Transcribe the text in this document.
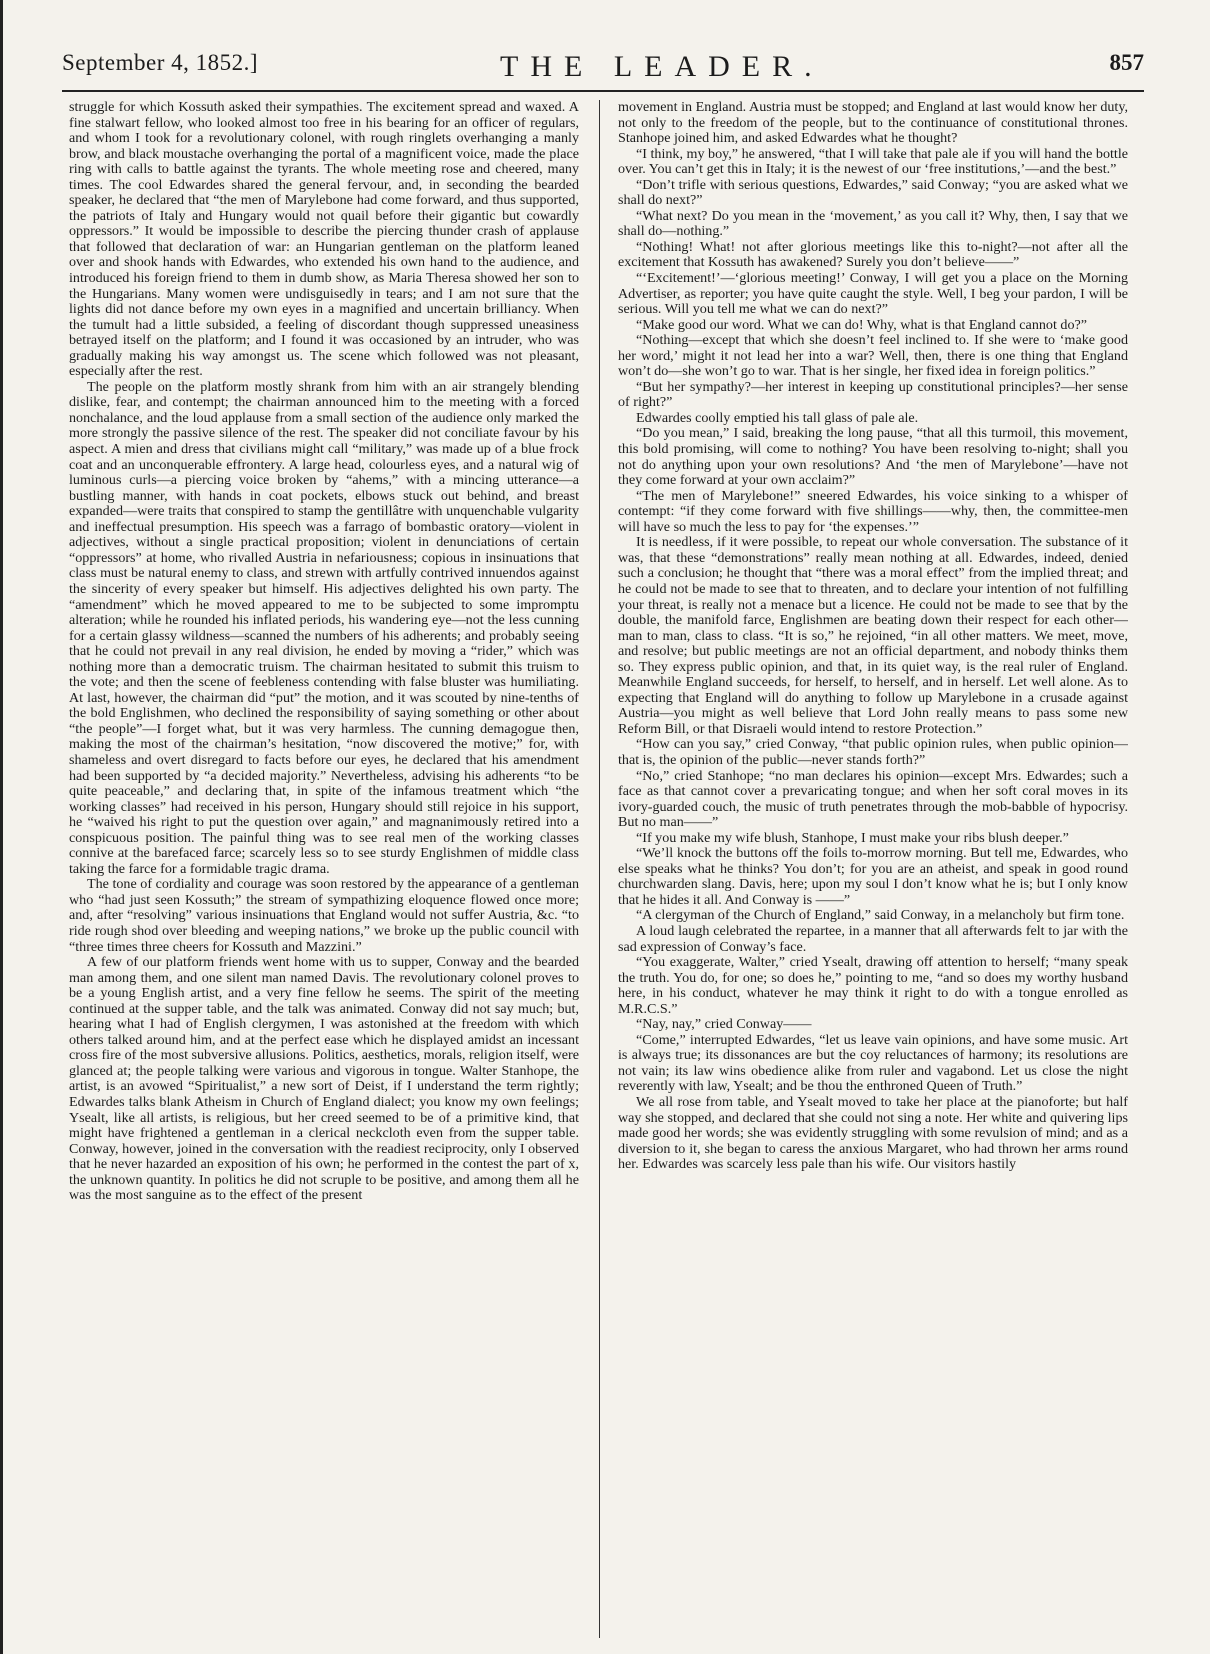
September 4, 1852.]	THE LEADER.	857

struggle for which Kossuth asked their sympathies. The excitement spread and waxed. A fine stalwart fellow, who looked almost too free in his bearing for an officer of regulars, and whom I took for a revolutionary colonel, with rough ringlets overhanging a manly brow, and black moustache overhanging the portal of a magnificent voice, made the place ring with calls to battle against the tyrants. The whole meeting rose and cheered, many times. The cool Edwardes shared the general fervour, and, in seconding the bearded speaker, he declared that “the men of Marylebone had come forward, and thus supported, the patriots of Italy and Hungary would not quail before their gigantic but cowardly oppressors.” It would be impossible to describe the piercing thunder crash of applause that followed that declaration of war: an Hungarian gentleman on the platform leaned over and shook hands with Edwardes, who extended his own hand to the audience, and introduced his foreign friend to them in dumb show, as Maria Theresa showed her son to the Hungarians. Many women were undisguisedly in tears; and I am not sure that the lights did not dance before my own eyes in a magnified and uncertain brilliancy. When the tumult had a little subsided, a feeling of discordant though suppressed uneasiness betrayed itself on the platform; and I found it was occasioned by an intruder, who was gradually making his way amongst us. The scene which followed was not pleasant, especially after the rest.

The people on the platform mostly shrank from him with an air strangely blending dislike, fear, and contempt; the chairman announced him to the meeting with a forced nonchalance, and the loud applause from a small section of the audience only marked the more strongly the passive silence of the rest. The speaker did not conciliate favour by his aspect. A mien and dress that civilians might call “military,” was made up of a blue frock coat and an unconquerable effrontery. A large head, colourless eyes, and a natural wig of luminous curls—a piercing voice broken by “ahems,” with a mincing utterance—a bustling manner, with hands in coat pockets, elbows stuck out behind, and breast expanded—were traits that conspired to stamp the gentillâtre with unquenchable vulgarity and ineffectual presumption. His speech was a farrago of bombastic oratory—violent in adjectives, without a single practical proposition; violent in denunciations of certain “oppressors” at home, who rivalled Austria in nefariousness; copious in insinuations that class must be natural enemy to class, and strewn with artfully contrived innuendos against the sincerity of every speaker but himself. His adjectives delighted his own party. The “amendment” which he moved appeared to me to be subjected to some impromptu alteration; while he rounded his inflated periods, his wandering eye—not the less cunning for a certain glassy wildness—scanned the numbers of his adherents; and probably seeing that he could not prevail in any real division, he ended by moving a “rider,” which was nothing more than a democratic truism. The chairman hesitated to submit this truism to the vote; and then the scene of feebleness contending with false bluster was humiliating. At last, however, the chairman did “put” the motion, and it was scouted by nine-tenths of the bold Englishmen, who declined the responsibility of saying something or other about “the people”—I forget what, but it was very harmless. The cunning demagogue then, making the most of the chairman’s hesitation, “now discovered the motive;” for, with shameless and overt disregard to facts before our eyes, he declared that his amendment had been supported by “a decided majority.” Nevertheless, advising his adherents “to be quite peaceable,” and declaring that, in spite of the infamous treatment which “the working classes” had received in his person, Hungary should still rejoice in his support, he “waived his right to put the question over again,” and magnanimously retired into a conspicuous position. The painful thing was to see real men of the working classes connive at the barefaced farce; scarcely less so to see sturdy Englishmen of middle class taking the farce for a formidable tragic drama.

The tone of cordiality and courage was soon restored by the appearance of a gentleman who “had just seen Kossuth;” the stream of sympathizing eloquence flowed once more; and, after “resolving” various insinuations that England would not suffer Austria, &c. “to ride rough shod over bleeding and weeping nations,” we broke up the public council with “three times three cheers for Kossuth and Mazzini.”

A few of our platform friends went home with us to supper, Conway and the bearded man among them, and one silent man named Davis. The revolutionary colonel proves to be a young English artist, and a very fine fellow he seems. The spirit of the meeting continued at the supper table, and the talk was animated. Conway did not say much; but, hearing what I had of English clergymen, I was astonished at the freedom with which others talked around him, and at the perfect ease which he displayed amidst an incessant cross fire of the most subversive allusions. Politics, aesthetics, morals, religion itself, were glanced at; the people talking were various and vigorous in tongue. Walter Stanhope, the artist, is an avowed “Spiritualist,” a new sort of Deist, if I understand the term rightly; Edwardes talks blank Atheism in Church of England dialect; you know my own feelings; Ysealt, like all artists, is religious, but her creed seemed to be of a primitive kind, that might have frightened a gentleman in a clerical neckcloth even from the supper table. Conway, however, joined in the conversation with the readiest reciprocity, only I observed that he never hazarded an exposition of his own; he performed in the contest the part of x, the unknown quantity. In politics he did not scruple to be positive, and among them all he was the most sanguine as to the effect of the present

movement in England. Austria must be stopped; and England at last would know her duty, not only to the freedom of the people, but to the continuance of constitutional thrones. Stanhope joined him, and asked Edwardes what he thought?

“I think, my boy,” he answered, “that I will take that pale ale if you will hand the bottle over. You can’t get this in Italy; it is the newest of our ‘free institutions,’—and the best.”

“Don’t trifle with serious questions, Edwardes,” said Conway; “you are asked what we shall do next?”

“What next? Do you mean in the ‘movement,’ as you call it? Why, then, I say that we shall do—nothing.”

“Nothing! What! not after glorious meetings like this to-night?—not after all the excitement that Kossuth has awakened? Surely you don’t believe——”

“‘Excitement!’—‘glorious meeting!’ Conway, I will get you a place on the Morning Advertiser, as reporter; you have quite caught the style. Well, I beg your pardon, I will be serious. Will you tell me what we can do next?”

“Make good our word. What we can do! Why, what is that England cannot do?”

“Nothing—except that which she doesn’t feel inclined to. If she were to ‘make good her word,’ might it not lead her into a war? Well, then, there is one thing that England won’t do—she won’t go to war. That is her single, her fixed idea in foreign politics.”

“But her sympathy?—her interest in keeping up constitutional principles?—her sense of right?”

Edwardes coolly emptied his tall glass of pale ale.

“Do you mean,” I said, breaking the long pause, “that all this turmoil, this movement, this bold promising, will come to nothing? You have been resolving to-night; shall you not do anything upon your own resolutions? And ‘the men of Marylebone’—have not they come forward at your own acclaim?”

“The men of Marylebone!” sneered Edwardes, his voice sinking to a whisper of contempt: “if they come forward with five shillings——why, then, the committee-men will have so much the less to pay for ‘the expenses.’”

It is needless, if it were possible, to repeat our whole conversation. The substance of it was, that these “demonstrations” really mean nothing at all. Edwardes, indeed, denied such a conclusion; he thought that “there was a moral effect” from the implied threat; and he could not be made to see that to threaten, and to declare your intention of not fulfilling your threat, is really not a menace but a licence. He could not be made to see that by the double, the manifold farce, Englishmen are beating down their respect for each other—man to man, class to class. “It is so,” he rejoined, “in all other matters. We meet, move, and resolve; but public meetings are not an official department, and nobody thinks them so. They express public opinion, and that, in its quiet way, is the real ruler of England. Meanwhile England succeeds, for herself, to herself, and in herself. Let well alone. As to expecting that England will do anything to follow up Marylebone in a crusade against Austria—you might as well believe that Lord John really means to pass some new Reform Bill, or that Disraeli would intend to restore Protection.”

“How can you say,” cried Conway, “that public opinion rules, when public opinion—that is, the opinion of the public—never stands forth?”

“No,” cried Stanhope; “no man declares his opinion—except Mrs. Edwardes; such a face as that cannot cover a prevaricating tongue; and when her soft coral moves in its ivory-guarded couch, the music of truth penetrates through the mob-babble of hypocrisy. But no man——”

“If you make my wife blush, Stanhope, I must make your ribs blush deeper.”

“We’ll knock the buttons off the foils to-morrow morning. But tell me, Edwardes, who else speaks what he thinks? You don’t; for you are an atheist, and speak in good round churchwarden slang. Davis, here; upon my soul I don’t know what he is; but I only know that he hides it all. And Conway is ——”

“A clergyman of the Church of England,” said Conway, in a melancholy but firm tone.

A loud laugh celebrated the repartee, in a manner that all afterwards felt to jar with the sad expression of Conway’s face.

“You exaggerate, Walter,” cried Ysealt, drawing off attention to herself; “many speak the truth. You do, for one; so does he,” pointing to me, “and so does my worthy husband here, in his conduct, whatever he may think it right to do with a tongue enrolled as M.R.C.S.”

“Nay, nay,” cried Conway——

“Come,” interrupted Edwardes, “let us leave vain opinions, and have some music. Art is always true; its dissonances are but the coy reluctances of harmony; its resolutions are not vain; its law wins obedience alike from ruler and vagabond. Let us close the night reverently with law, Ysealt; and be thou the enthroned Queen of Truth.”

We all rose from table, and Ysealt moved to take her place at the pianoforte; but half way she stopped, and declared that she could not sing a note. Her white and quivering lips made good her words; she was evidently struggling with some revulsion of mind; and as a diversion to it, she began to caress the anxious Margaret, who had thrown her arms round her. Edwardes was scarcely less pale than his wife. Our visitors hastily
